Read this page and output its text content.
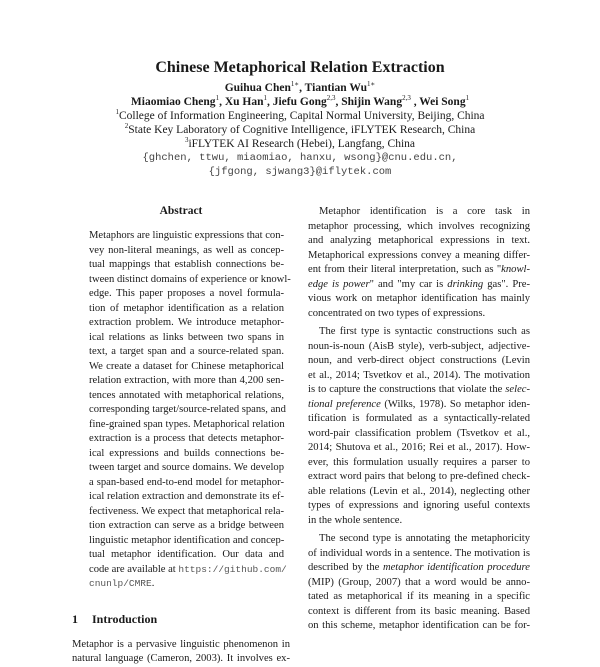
Chinese Metaphorical Relation Extraction
Guihua Chen$^{1∗}$, Tiantian $Wu^{1∗}$
Miaomiao Cheng$^1$, Xu Han$^1$, Jiefu Gong$^{2,3}$, Shijin Wang$^{2,3}$ , Wei Song$^1$
$^1$College of Information Engineering, Capital Normal University, Beijing, China
$^2$State Key Laboratory of Cognitive Intelligence, iFLYTEK Research, China
$^3$iFLYTEK AI Research (Hebei), Langfang, China
{ghchen, ttwu, miaomiao, hanxu, wsong}@cnu.edu.cn,
{jfgong, sjwang3}@iflytek.com
Abstract
Metaphors are linguistic expressions that con-
vey non-literal meanings, as well as concep-
tual mappings that establish connections be-
tween distinct domains of experience or knowl-
edge. This paper proposes a novel formula-
tion of metaphor identification as a relation
extraction problem. We introduce metaphor-
ical relations as links between two spans in
text, a target span and a source-related span.
We create a dataset for Chinese metaphorical
relation extraction, with more than 4,200 sen-
tences annotated with metaphorical relations,
corresponding target/source-related spans, and
fine-grained span types. Metaphorical relation
extraction is a process that detects metaphor-
ical expressions and builds connections be-
tween target and source domains. We develop
a span-based end-to-end model for metaphor-
ical relation extraction and demonstrate its ef-
fectiveness. We expect that metaphorical rela-
tion extraction can serve as a bridge between
linguistic metaphor identification and concep-
tual metaphor identification. Our data and
code are available at https://github.com/
cnunlp/CMRE.
1 Introduction
Metaphor is a pervasive linguistic phenomenon in
natural language (Cameron, 2003). It involves ex-
Metaphor identification is a core task in
metaphor processing, which involves recognizing
and analyzing metaphorical expressions in text.
Metaphorical expressions convey a meaning differ-
ent from their literal interpretation, such as "knowl-
edge is power" and "my car is drinking gas". Pre-
vious work on metaphor identification has mainly
concentrated on two types of expressions.
The first type is syntactic constructions such as
noun-is-noun (AisB style), verb-subject, adjective-
noun, and verb-direct object constructions (Levin
et al., 2014; Tsvetkov et al., 2014). The motivation
is to capture the constructions that violate the selec-
tional preference (Wilks, 1978). So metaphor iden-
tification is formulated as a syntactically-related
word-pair classification problem (Tsvetkov et al.,
2014; Shutova et al., 2016; Rei et al., 2017). How-
ever, this formulation usually requires a parser to
extract word pairs that belong to pre-defined check-
able relations (Levin et al., 2014), neglecting other
types of expressions and ignoring useful contexts
in the whole sentence.
The second type is annotating the metaphoricity
of individual words in a sentence. The motivation is
described by the metaphor identification procedure
(MIP) (Group, 2007) that a word would be anno-
tated as metaphorical if its meaning in a specific
context is different from its basic meaning. Based
on this scheme, metaphor identification can be for-
